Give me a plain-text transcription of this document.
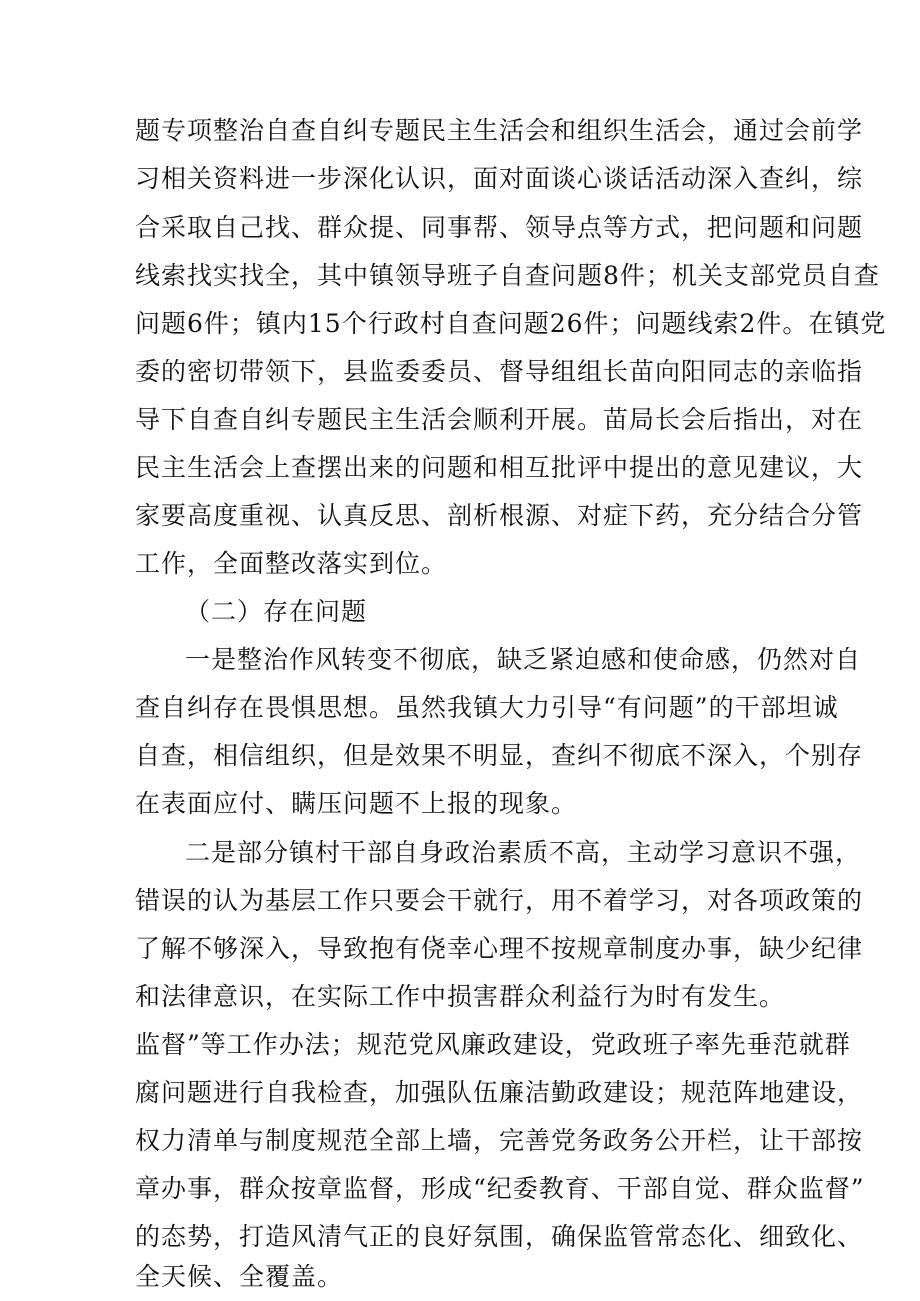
题专项整治自查自纠专题民主生活会和组织生活会，通过会前学
习相关资料进一步深化认识，面对面谈心谈话活动深入查纠，综
合采取自己找、群众提、同事帮、领导点等方式，把问题和问题
线索找实找全，其中镇领导班子自查问题8件；机关支部党员自查
问题6件；镇内15个行政村自查问题26件；问题线索2件。在镇党
委的密切带领下，县监委委员、督导组组长苗向阳同志的亲临指
导下自查自纠专题民主生活会顺利开展。苗局长会后指出，对在
民主生活会上查摆出来的问题和相互批评中提出的意见建议，大
家要高度重视、认真反思、剖析根源、对症下药，充分结合分管
工作，全面整改落实到位。
（二）存在问题
一是整治作风转变不彻底，缺乏紧迫感和使命感，仍然对自
查自纠存在畏惧思想。虽然我镇大力引导“有问题”的干部坦诚
自查，相信组织，但是效果不明显，查纠不彻底不深入，个别存
在表面应付、瞒压问题不上报的现象。
二是部分镇村干部自身政治素质不高，主动学习意识不强，
错误的认为基层工作只要会干就行，用不着学习，对各项政策的
了解不够深入，导致抱有侥幸心理不按规章制度办事，缺少纪律
和法律意识，在实际工作中损害群众利益行为时有发生。
监督”等工作办法；规范党风廉政建设，党政班子率先垂范就群
腐问题进行自我检查，加强队伍廉洁勤政建设；规范阵地建设，
权力清单与制度规范全部上墙，完善党务政务公开栏，让干部按
章办事，群众按章监督，形成“纪委教育、干部自觉、群众监督”
的态势，打造风清气正的良好氛围，确保监管常态化、细致化、
全天候、全覆盖。
